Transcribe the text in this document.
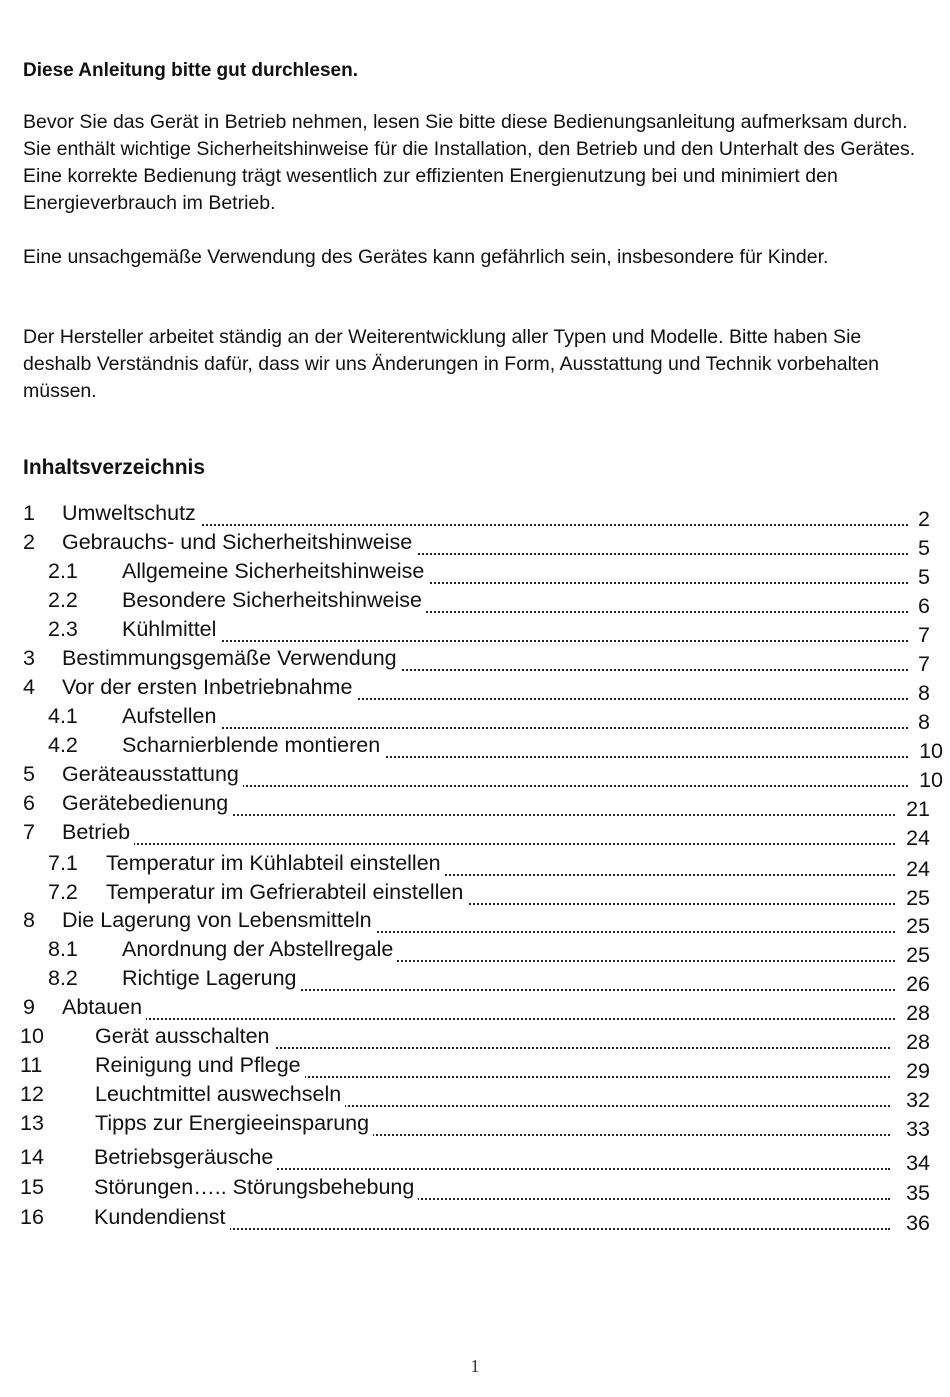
Diese Anleitung bitte gut durchlesen.

Bevor Sie das Gerät in Betrieb nehmen, lesen Sie bitte diese Bedienungsanleitung aufmerksam durch. Sie enthält wichtige Sicherheitshinweise für die Installation, den Betrieb und den Unterhalt des Gerätes. Eine korrekte Bedienung trägt wesentlich zur effizienten Energienutzung bei und minimiert den Energieverbrauch im Betrieb.

Eine unsachgemäße Verwendung des Gerätes kann gefährlich sein, insbesondere für Kinder.

Der Hersteller arbeitet ständig an der Weiterentwicklung aller Typen und Modelle. Bitte haben Sie deshalb Verständnis dafür, dass wir uns Änderungen in Form, Ausstattung und Technik vorbehalten müssen.

Inhaltsverzeichnis
1 Umweltschutz	2
2 Gebrauchs- und Sicherheitshinweise	5
2.1 Allgemeine Sicherheitshinweise	5
2.2 Besondere Sicherheitshinweise	6
2.3 Kühlmittel	7
3 Bestimmungsgemäße Verwendung	7
4 Vor der ersten Inbetriebnahme	8
4.1 Aufstellen	8
4.2 Scharnierblende montieren	10
5 Geräteausstattung	10
6 Gerätebedienung	21
7 Betrieb	24
7.1 Temperatur im Kühlabteil einstellen	24
7.2 Temperatur im Gefrierabteil einstellen	25
8 Die Lagerung von Lebensmitteln	25
8.1 Anordnung der Abstellregale	25
8.2 Richtige Lagerung	26
9 Abtauen	28
10 Gerät ausschalten	28
11 Reinigung und Pflege	29
12 Leuchtmittel auswechseln	32
13 Tipps zur Energieeinsparung	33
14 Betriebsgeräusche	34
15 Störungen….. Störungsbehebung	35
16 Kundendienst	36
1
